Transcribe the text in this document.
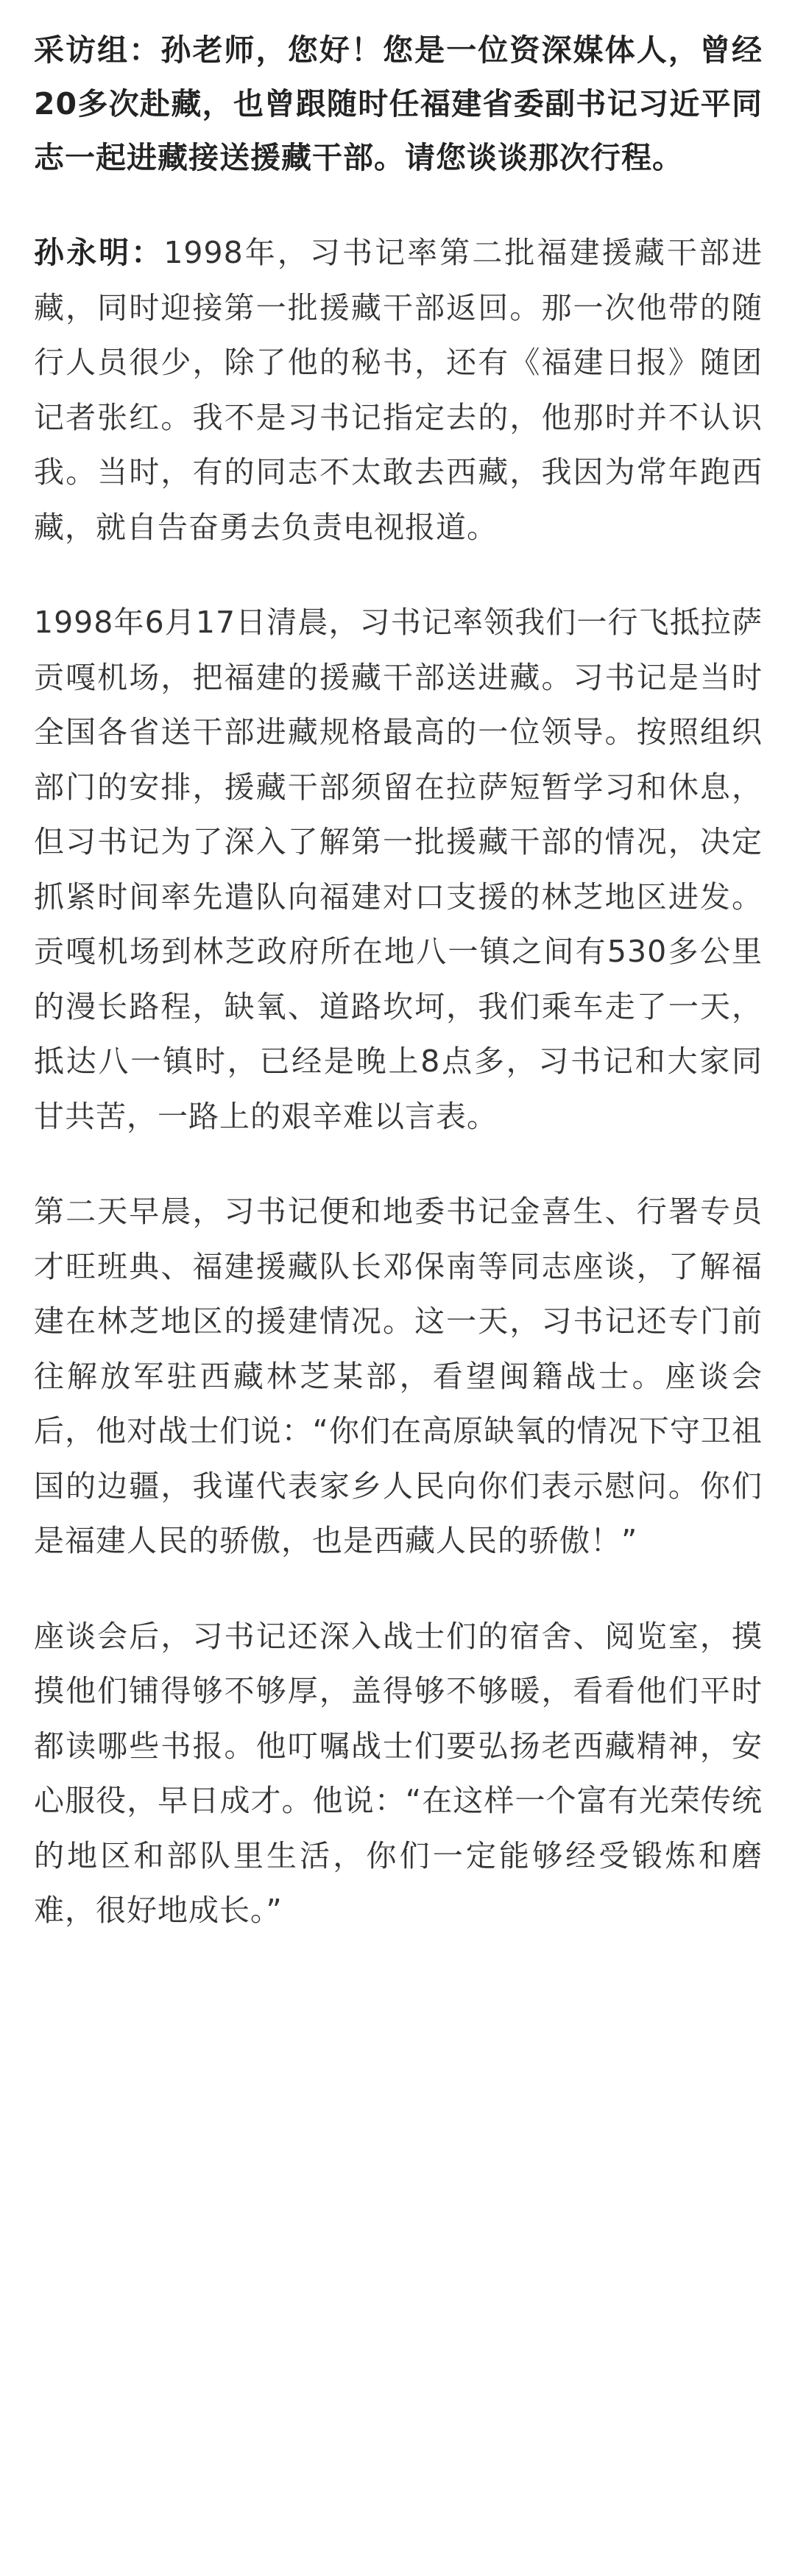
采访组：孙老师，您好！您是一位资深媒体人，曾经20多次赴藏，也曾跟随时任福建省委副书记习近平同志一起进藏接送援藏干部。请您谈谈那次行程。

孙永明：1998年，习书记率第二批福建援藏干部进藏，同时迎接第一批援藏干部返回。那一次他带的随行人员很少，除了他的秘书，还有《福建日报》随团记者张红。我不是习书记指定去的，他那时并不认识我。当时，有的同志不太敢去西藏，我因为常年跑西藏，就自告奋勇去负责电视报道。

1998年6月17日清晨，习书记率领我们一行飞抵拉萨贡嘎机场，把福建的援藏干部送进藏。习书记是当时全国各省送干部进藏规格最高的一位领导。按照组织部门的安排，援藏干部须留在拉萨短暂学习和休息，但习书记为了深入了解第一批援藏干部的情况，决定抓紧时间率先遣队向福建对口支援的林芝地区进发。贡嘎机场到林芝政府所在地八一镇之间有530多公里的漫长路程，缺氧、道路坎坷，我们乘车走了一天，抵达八一镇时，已经是晚上8点多，习书记和大家同甘共苦，一路上的艰辛难以言表。

第二天早晨，习书记便和地委书记金喜生、行署专员才旺班典、福建援藏队长邓保南等同志座谈，了解福建在林芝地区的援建情况。这一天，习书记还专门前往解放军驻西藏林芝某部，看望闽籍战士。座谈会后，他对战士们说：“你们在高原缺氧的情况下守卫祖国的边疆，我谨代表家乡人民向你们表示慰问。你们是福建人民的骄傲，也是西藏人民的骄傲！”

座谈会后，习书记还深入战士们的宿舍、阅览室，摸摸他们铺得够不够厚，盖得够不够暖，看看他们平时都读哪些书报。他叮嘱战士们要弘扬老西藏精神，安心服役，早日成才。他说：“在这样一个富有光荣传统的地区和部队里生活，你们一定能够经受锻炼和磨难，很好地成长。”
